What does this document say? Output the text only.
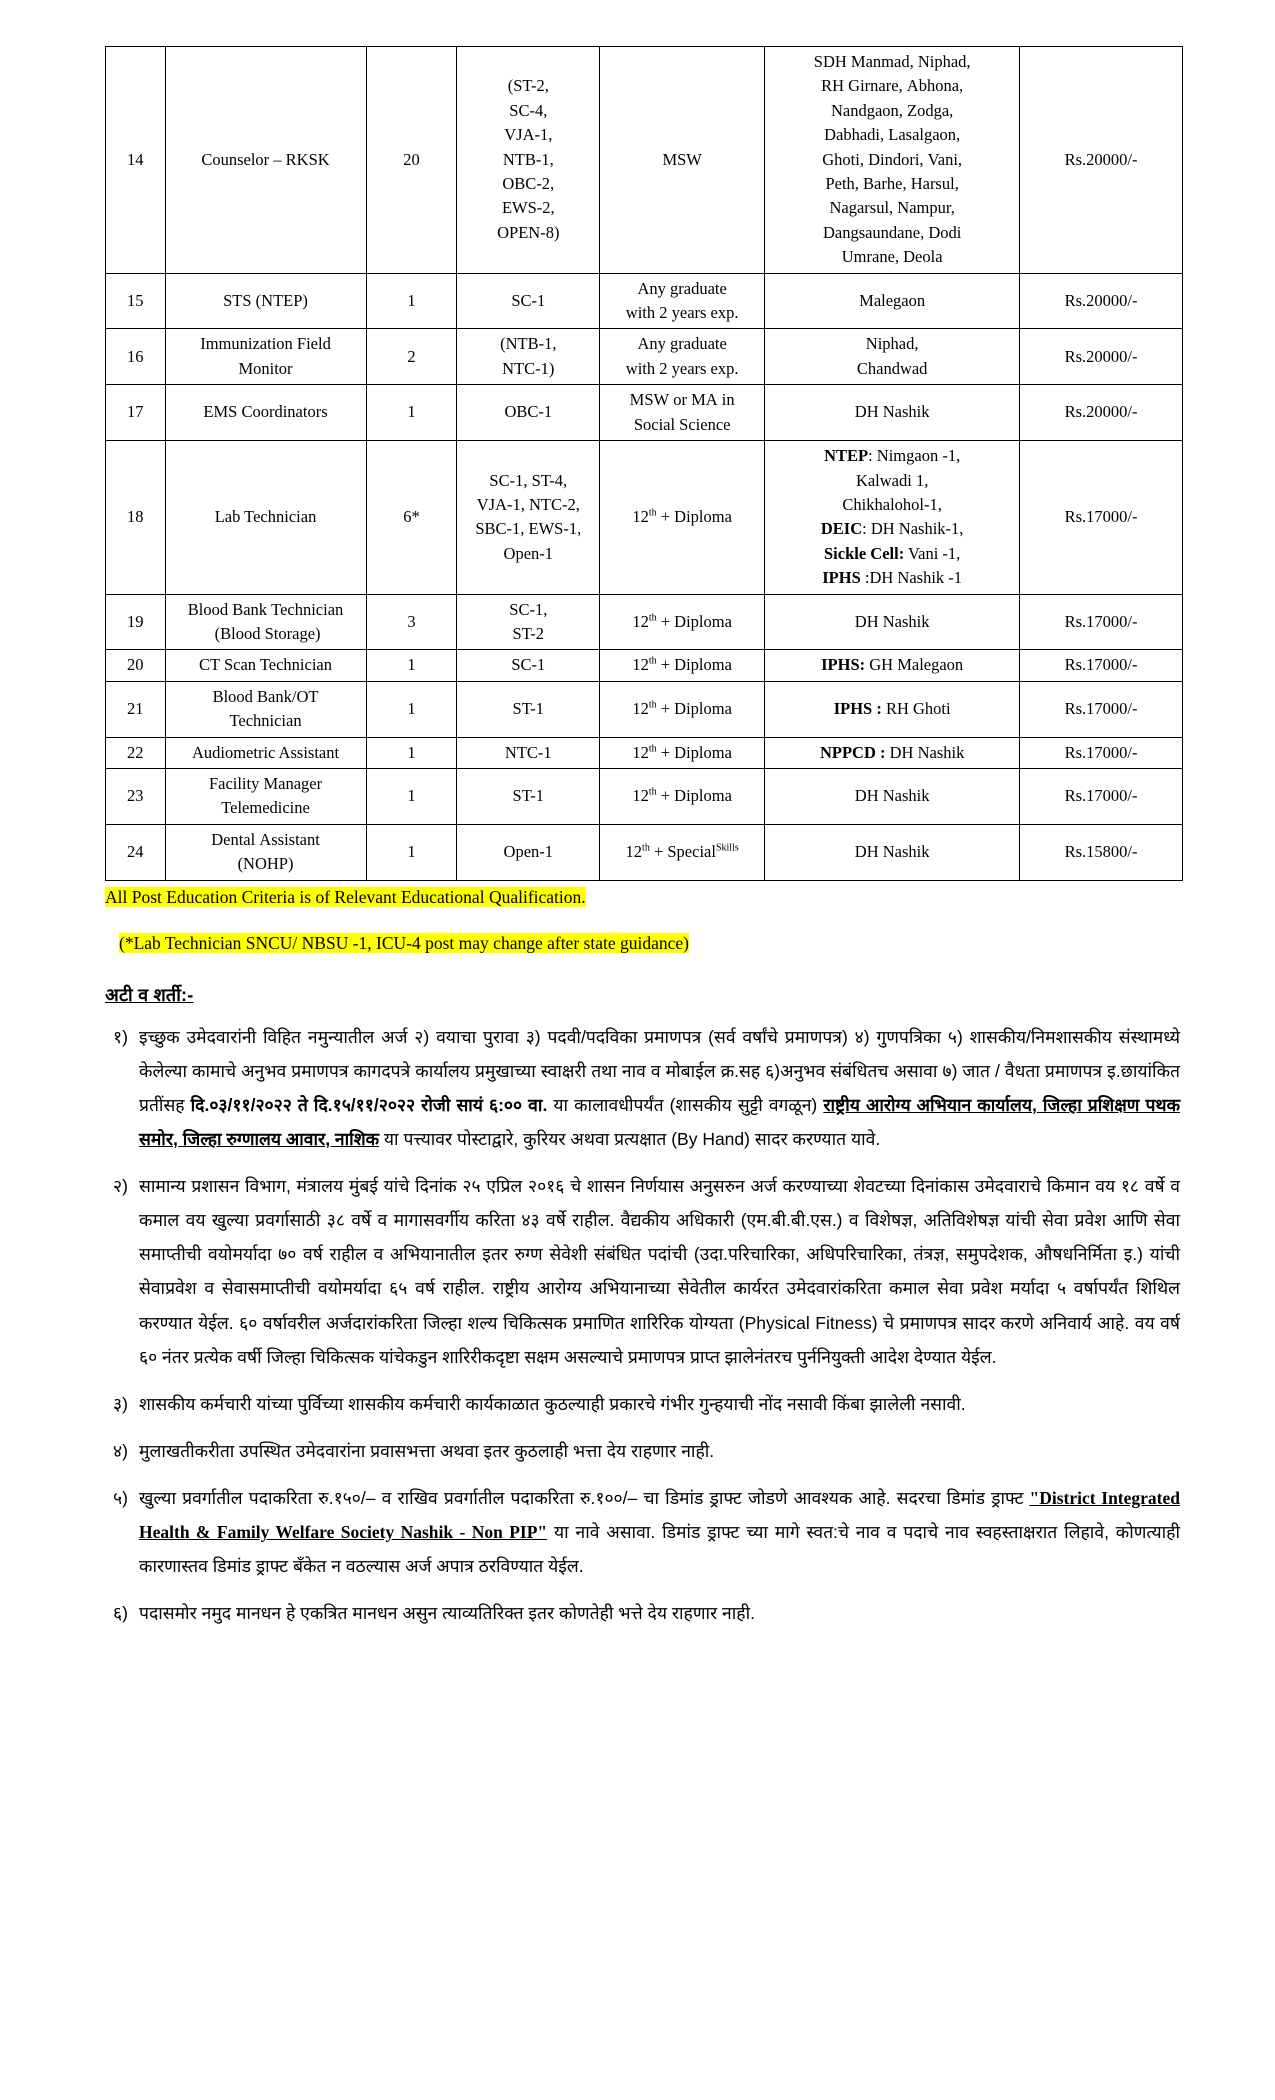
14	Counselor – RKSK	20	(ST-2,
SC-4,
VJA-1,
NTB-1,
OBC-2,
EWS-2,
OPEN-8)	MSW	SDH Manmad, Niphad,
RH Girnare, Abhona,
Nandgaon, Zodga,
Dabhadi, Lasalgaon,
Ghoti, Dindori, Vani,
Peth, Barhe, Harsul,
Nagarsul, Nampur,
Dangsaundane, Dodi
Umrane, Deola	Rs.20000/-
15	STS (NTEP)	1	SC-1	Any graduate
with 2 years exp.	Malegaon	Rs.20000/-
16	Immunization Field
Monitor	2	(NTB-1,
NTC-1)	Any graduate
with 2 years exp.	Niphad,
Chandwad	Rs.20000/-
17	EMS Coordinators	1	OBC-1	MSW or MA in
Social Science	DH Nashik	Rs.20000/-
18	Lab Technician	6*	SC-1, ST-4,
VJA-1, NTC-2,
SBC-1, EWS-1,
Open-1	12th + Diploma	NTEP: Nimgaon -1,
Kalwadi 1,
Chikhalohol-1,
DEIC: DH Nashik-1,
Sickle Cell: Vani -1,
IPHS :DH Nashik -1	Rs.17000/-
19	Blood Bank Technician
(Blood Storage)	3	SC-1,
ST-2	12th + Diploma	DH Nashik	Rs.17000/-
20	CT Scan Technician	1	SC-1	12th + Diploma	IPHS: GH Malegaon	Rs.17000/-
21	Blood Bank/OT
Technician	1	ST-1	12th + Diploma	IPHS : RH Ghoti	Rs.17000/-
22	Audiometric Assistant	1	NTC-1	12th + Diploma	NPPCD : DH Nashik	Rs.17000/-
23	Facility Manager
Telemedicine	1	ST-1	12th + Diploma	DH Nashik	Rs.17000/-
24	Dental Assistant
(NOHP)	1	Open-1	12th + Special$^{Skills}$	DH Nashik	Rs.15800/-
All Post Education Criteria is of Relevant Educational Qualification.
(*Lab Technician SNCU/ NBSU -1, ICU-4 post may change after state guidance)
अटी व शर्ती:-
१) इच्छुक उमेदवारांनी विहित नमुन्यातील अर्ज २) वयाचा पुरावा ३) पदवी/पदविका प्रमाणपत्र (सर्व वर्षांचे प्रमाणपत्र) ४) गुणपत्रिका ५) शासकीय/निमशासकीय संस्थामध्ये केलेल्या कामाचे अनुभव प्रमाणपत्र कागदपत्रे कार्यालय प्रमुखाच्या स्वाक्षरी तथा नाव व मोबाईल क्र.सह ६)अनुभव संबंधितच असावा ७) जात / वैधता प्रमाणपत्र इ.छायांकित प्रतींसह दि.०३/११/२०२२ ते दि.१५/११/२०२२ रोजी सायं ६:०० वा. या कालावधीपर्यंत (शासकीय सुट्टी वगळून) राष्ट्रीय आरोग्य अभियान कार्यालय, जिल्हा प्रशिक्षण पथक समोर, जिल्हा रुग्णालय आवार, नाशिक या पत्त्यावर पोस्टाद्वारे, कुरियर अथवा प्रत्यक्षात (By Hand) सादर करण्यात यावे.
२) सामान्य प्रशासन विभाग, मंत्रालय मुंबई यांचे दिनांक २५ एप्रिल २०१६ चे शासन निर्णयास अनुसरुन अर्ज करण्याच्या शेवटच्या दिनांकास उमेदवाराचे किमान वय १८ वर्षे व कमाल वय खुल्या प्रवर्गासाठी ३८ वर्षे व मागासवर्गीय करिता ४३ वर्षे राहील. वैद्यकीय अधिकारी (एम.बी.बी.एस.) व विशेषज्ञ, अतिविशेषज्ञ यांची सेवा प्रवेश आणि सेवा समाप्तीची वयोमर्यादा ७० वर्ष राहील व अभियानातील इतर रुग्ण सेवेशी संबंधित पदांची (उदा.परिचारिका, अधिपरिचारिका, तंत्रज्ञ, समुपदेशक, औषधनिर्मिता इ.) यांची सेवाप्रवेश व सेवासमाप्तीची वयोमर्यादा ६५ वर्ष राहील. राष्ट्रीय आरोग्य अभियानाच्या सेवेतील कार्यरत उमेदवारांकरिता कमाल सेवा प्रवेश मर्यादा ५ वर्षापर्यंत शिथिल करण्यात येईल. ६० वर्षावरील अर्जदारांकरिता जिल्हा शल्य चिकित्सक प्रमाणित शारिरिक योग्यता (Physical Fitness) चे प्रमाणपत्र सादर करणे अनिवार्य आहे. वय वर्ष ६० नंतर प्रत्येक वर्षी जिल्हा चिकित्सक यांचेकडुन शारिरीकदृष्टा सक्षम असल्याचे प्रमाणपत्र प्राप्त झालेनंतरच पुर्ननियुक्ती आदेश देण्यात येईल.
३) शासकीय कर्मचारी यांच्या पुर्विच्या शासकीय कर्मचारी कार्यकाळात कुठल्याही प्रकारचे गंभीर गुन्हयाची नोंद नसावी किंबा झालेली नसावी.
४) मुलाखतीकरीता उपस्थित उमेदवारांना प्रवासभत्ता अथवा इतर कुठलाही भत्ता देय राहणार नाही.
५) खुल्या प्रवर्गातील पदाकरिता रु.१५०/– व राखिव प्रवर्गातील पदाकरिता रु.१००/– चा डिमांड ड्राफ्ट जोडणे आवश्यक आहे. सदरचा डिमांड ड्राफ्ट "District Integrated Health & Family Welfare Society Nashik - Non PIP" या नावे असावा. डिमांड ड्राफ्ट च्या मागे स्वत:चे नाव व पदाचे नाव स्वहस्ताक्षरात लिहावे, कोणत्याही कारणास्तव डिमांड ड्राफ्ट बँकेत न वठल्यास अर्ज अपात्र ठरविण्यात येईल.
६) पदासमोर नमुद मानधन हे एकत्रित मानधन असुन त्याव्यतिरिक्त इतर कोणतेही भत्ते देय राहणार नाही.
